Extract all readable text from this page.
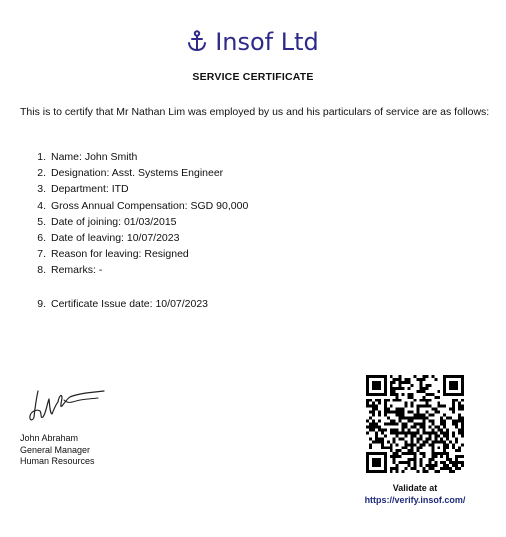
Insof Ltd
SERVICE CERTIFICATE
This is to certify that Mr Nathan Lim was employed by us and his particulars of service are as follows:
1. Name: John Smith
2. Designation: Asst. Systems Engineer
3. Department: ITD
4. Gross Annual Compensation: SGD 90,000
5. Date of joining: 01/03/2015
6. Date of leaving: 10/07/2023
7. Reason for leaving: Resigned
8. Remarks: -
9. Certificate Issue date: 10/07/2023
John Abraham
General Manager
Human Resources
Validate at
https://verify.insof.com/
